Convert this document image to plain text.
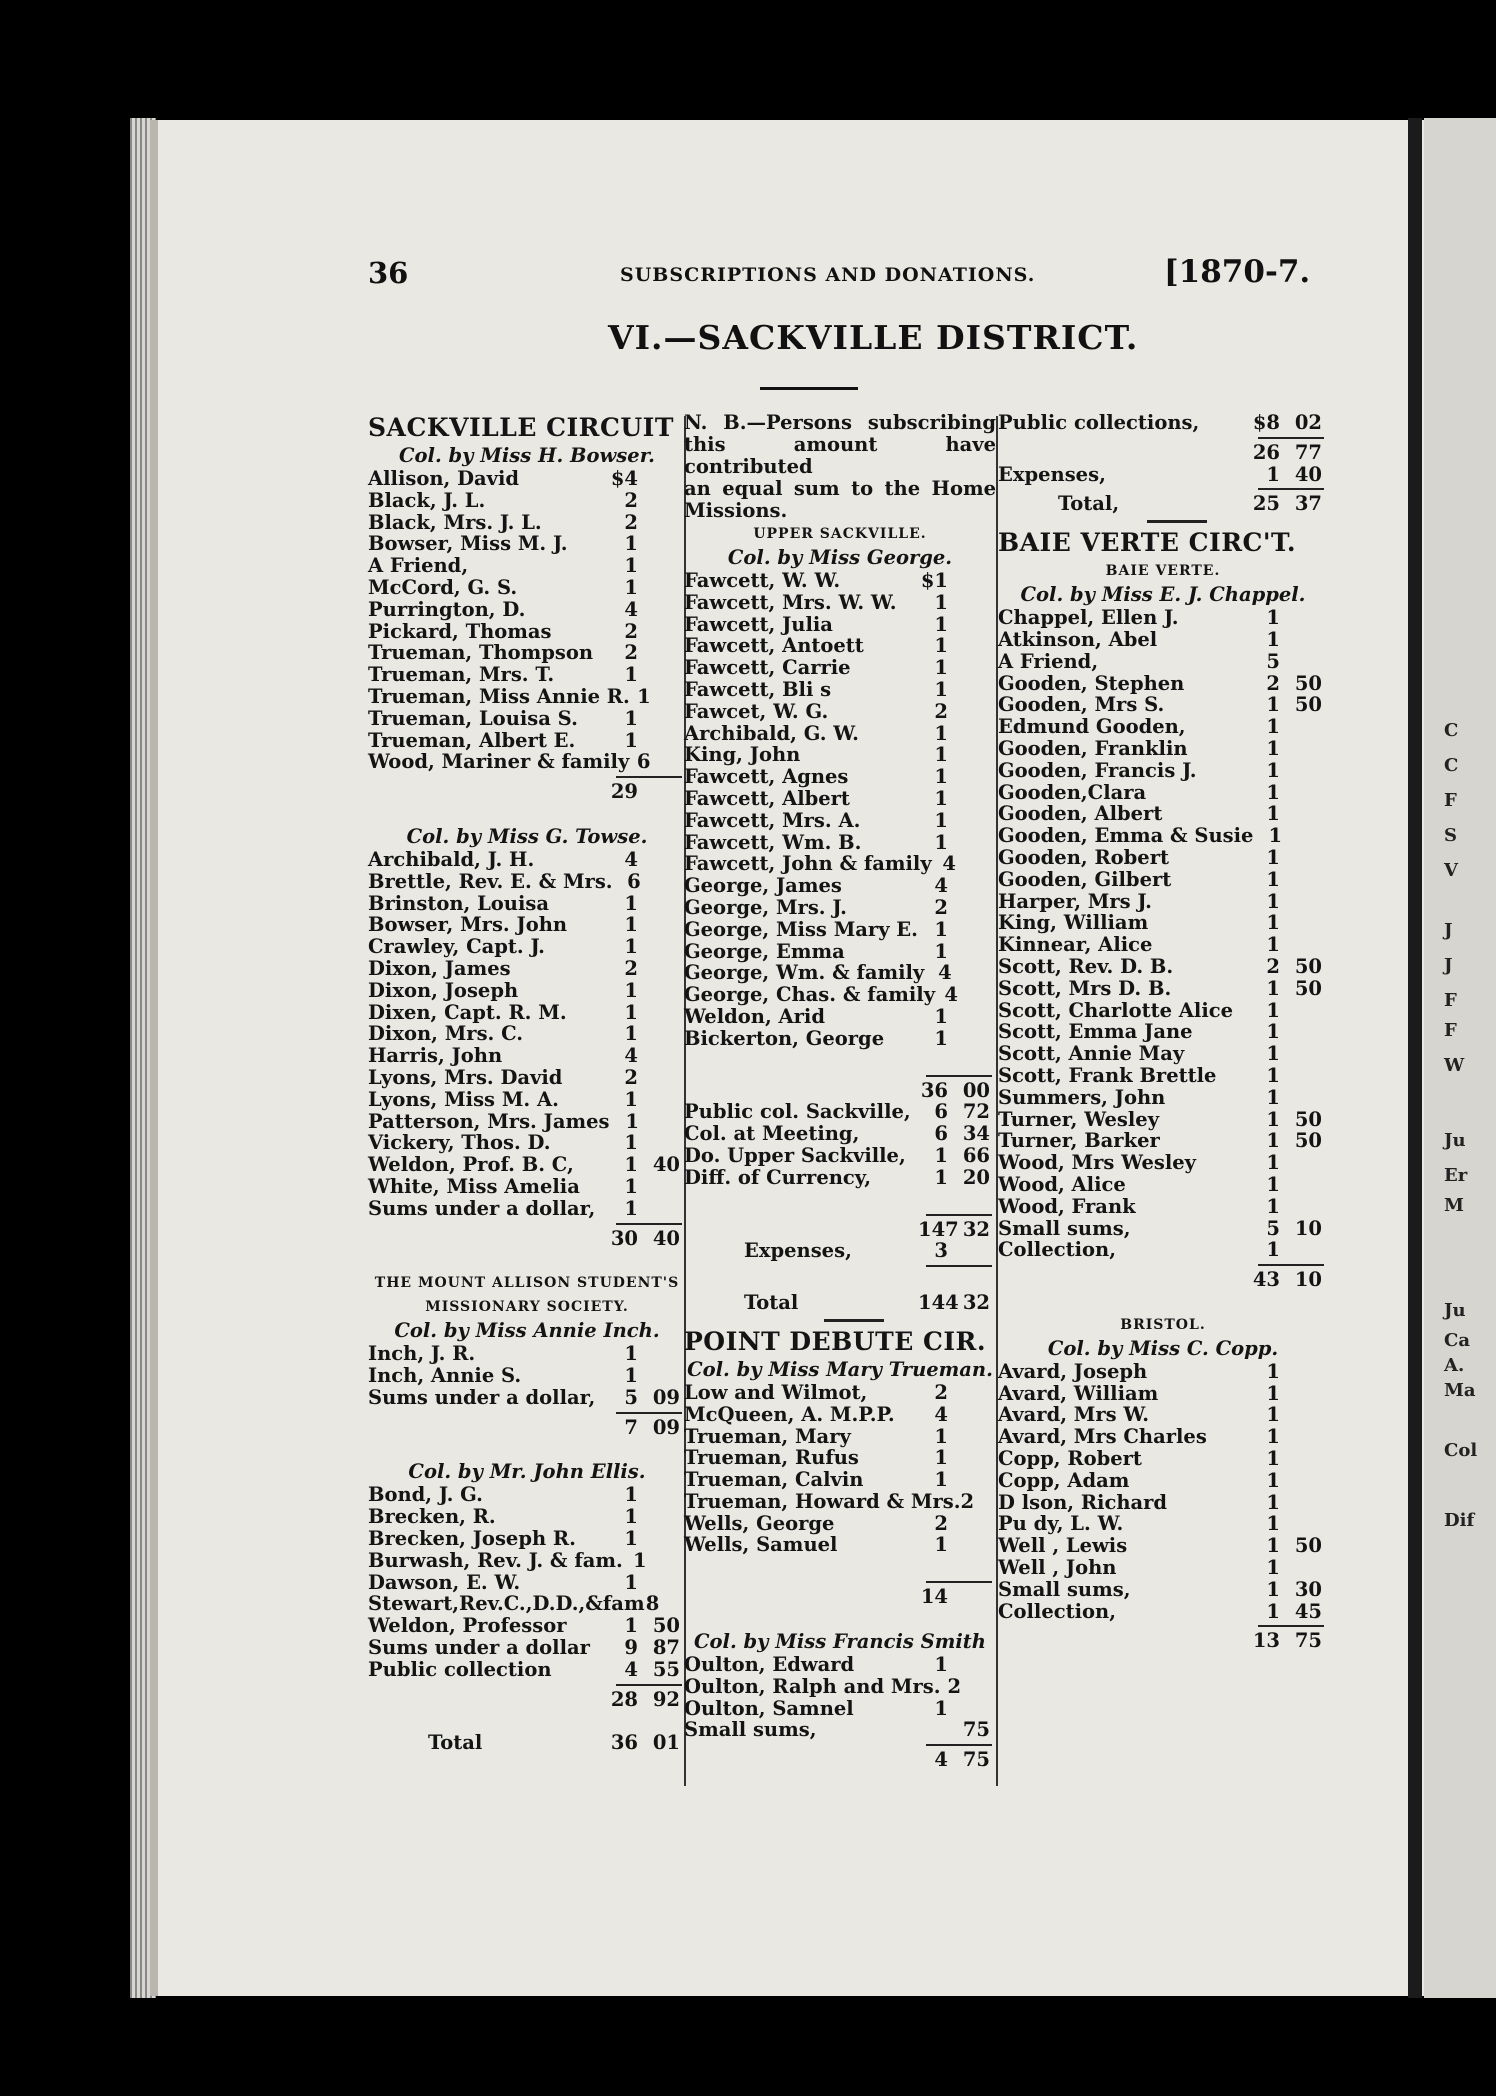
C
C
F
S
V
J
J
F
F
W
Ju
Er
M
Ju
Ca
A.
Ma
Col
Dif
36	SUBSCRIPTIONS AND DONATIONS.	[1870-7.
VI.—SACKVILLE DISTRICT.
SACKVILLE CIRCUIT
Col. by Miss H. Bowser.
Allison, David	$4
Black, J. L.	2
Black, Mrs. J. L.	2
Bowser, Miss M. J.	1
A Friend,	1
McCord, G. S.	1
Purrington, D.	4
Pickard, Thomas	2
Trueman, Thompson	2
Trueman, Mrs. T.	1
Trueman, Miss Annie R. 1
Trueman, Louisa S.	1
Trueman, Albert E.	1
Wood, Mariner & family 6
29
Col. by Miss G. Towse.
Archibald, J. H.	4
Brettle, Rev. E. & Mrs. 6
Brinston, Louisa	1
Bowser, Mrs. John	1
Crawley, Capt. J.	1
Dixon, James	2
Dixon, Joseph	1
Dixen, Capt. R. M.	1
Dixon, Mrs. C.	1
Harris, John	4
Lyons, Mrs. David	2
Lyons, Miss M. A.	1
Patterson, Mrs. James 1
Vickery, Thos. D.	1
Weldon, Prof. B. C,	1 40
White, Miss Amelia	1
Sums under a dollar,	1
30 40
THE MOUNT ALLISON STUDENT'S
MISSIONARY SOCIETY.
Col. by Miss Annie Inch.
Inch, J. R.	1
Inch, Annie S.	1
Sums under a dollar,	5 09
7 09
Col. by Mr. John Ellis.
Bond, J. G.	1
Brecken, R.	1
Brecken, Joseph R.	1
Burwash, Rev. J. & fam. 1
Dawson, E. W.	1
Stewart,Rev.C.,D.D.,&fam 8
Weldon, Professor	1 50
Sums under a dollar	9 87
Public collection	4 55
28 92
Total	36 01
N. B.—Persons subscribing
this amount have contributed
an equal sum to the Home
Missions.
UPPER SACKVILLE.
Col. by Miss George.
Fawcett, W. W.	$1
Fawcett, Mrs. W. W.	1
Fawcett, Julia	1
Fawcett, Antoett	1
Fawcett, Carrie	1
Fawcett, Bli s	1
Fawcet, W. G.	2
Archibald, G. W.	1
King, John	1
Fawcett, Agnes	1
Fawcett, Albert	1
Fawcett, Mrs. A.	1
Fawcett, Wm. B.	1
Fawcett, John & family 4
George, James	4
George, Mrs. J.	2
George, Miss Mary E. 1
George, Emma	1
George, Wm. & family 4
George, Chas. & family 4
Weldon, Arid	1
Bickerton, George	1
36 00
Public col. Sackville,	6 72
Col. at Meeting,	6 34
Do. Upper Sackville,	1 66
Diff. of Currency,	1 20
147 32
Expenses,	3
Total	144 32
POINT DEBUTE CIR.
Col. by Miss Mary Trueman.
Low and Wilmot,	2
McQueen, A. M.P.P.	4
Trueman, Mary	1
Trueman, Rufus	1
Trueman, Calvin	1
Trueman, Howard & Mrs. 2
Wells, George	2
Wells, Samuel	1
14
Col. by Miss Francis Smith
Oulton, Edward	1
Oulton, Ralph and Mrs. 2
Oulton, Samnel	1
Small sums,	75
4 75
Public collections,	$8 02
26 77
Expenses,	1 40
Total,	25 37
BAIE VERTE CIRC'T.
BAIE VERTE.
Col. by Miss E. J. Chappel.
Chappel, Ellen J.	1
Atkinson, Abel	1
A Friend,	5
Gooden, Stephen	2 50
Gooden, Mrs S.	1 50
Edmund Gooden,	1
Gooden, Franklin	1
Gooden, Francis J.	1
Gooden,Clara	1
Gooden, Albert	1
Gooden, Emma & Susie 1
Gooden, Robert	1
Gooden, Gilbert	1
Harper, Mrs J.	1
King, William	1
Kinnear, Alice	1
Scott, Rev. D. B.	2 50
Scott, Mrs D. B.	1 50
Scott, Charlotte Alice	1
Scott, Emma Jane	1
Scott, Annie May	1
Scott, Frank Brettle	1
Summers, John	1
Turner, Wesley	1 50
Turner, Barker	1 50
Wood, Mrs Wesley	1
Wood, Alice	1
Wood, Frank	1
Small sums,	5 10
Collection,	1
43 10
BRISTOL.
Col. by Miss C. Copp.
Avard, Joseph	1
Avard, William	1
Avard, Mrs W.	1
Avard, Mrs Charles	1
Copp, Robert	1
Copp, Adam	1
D lson, Richard	1
Pu dy, L. W.	1
Well , Lewis	1 50
Well , John	1
Small sums,	1 30
Collection,	1 45
13 75
